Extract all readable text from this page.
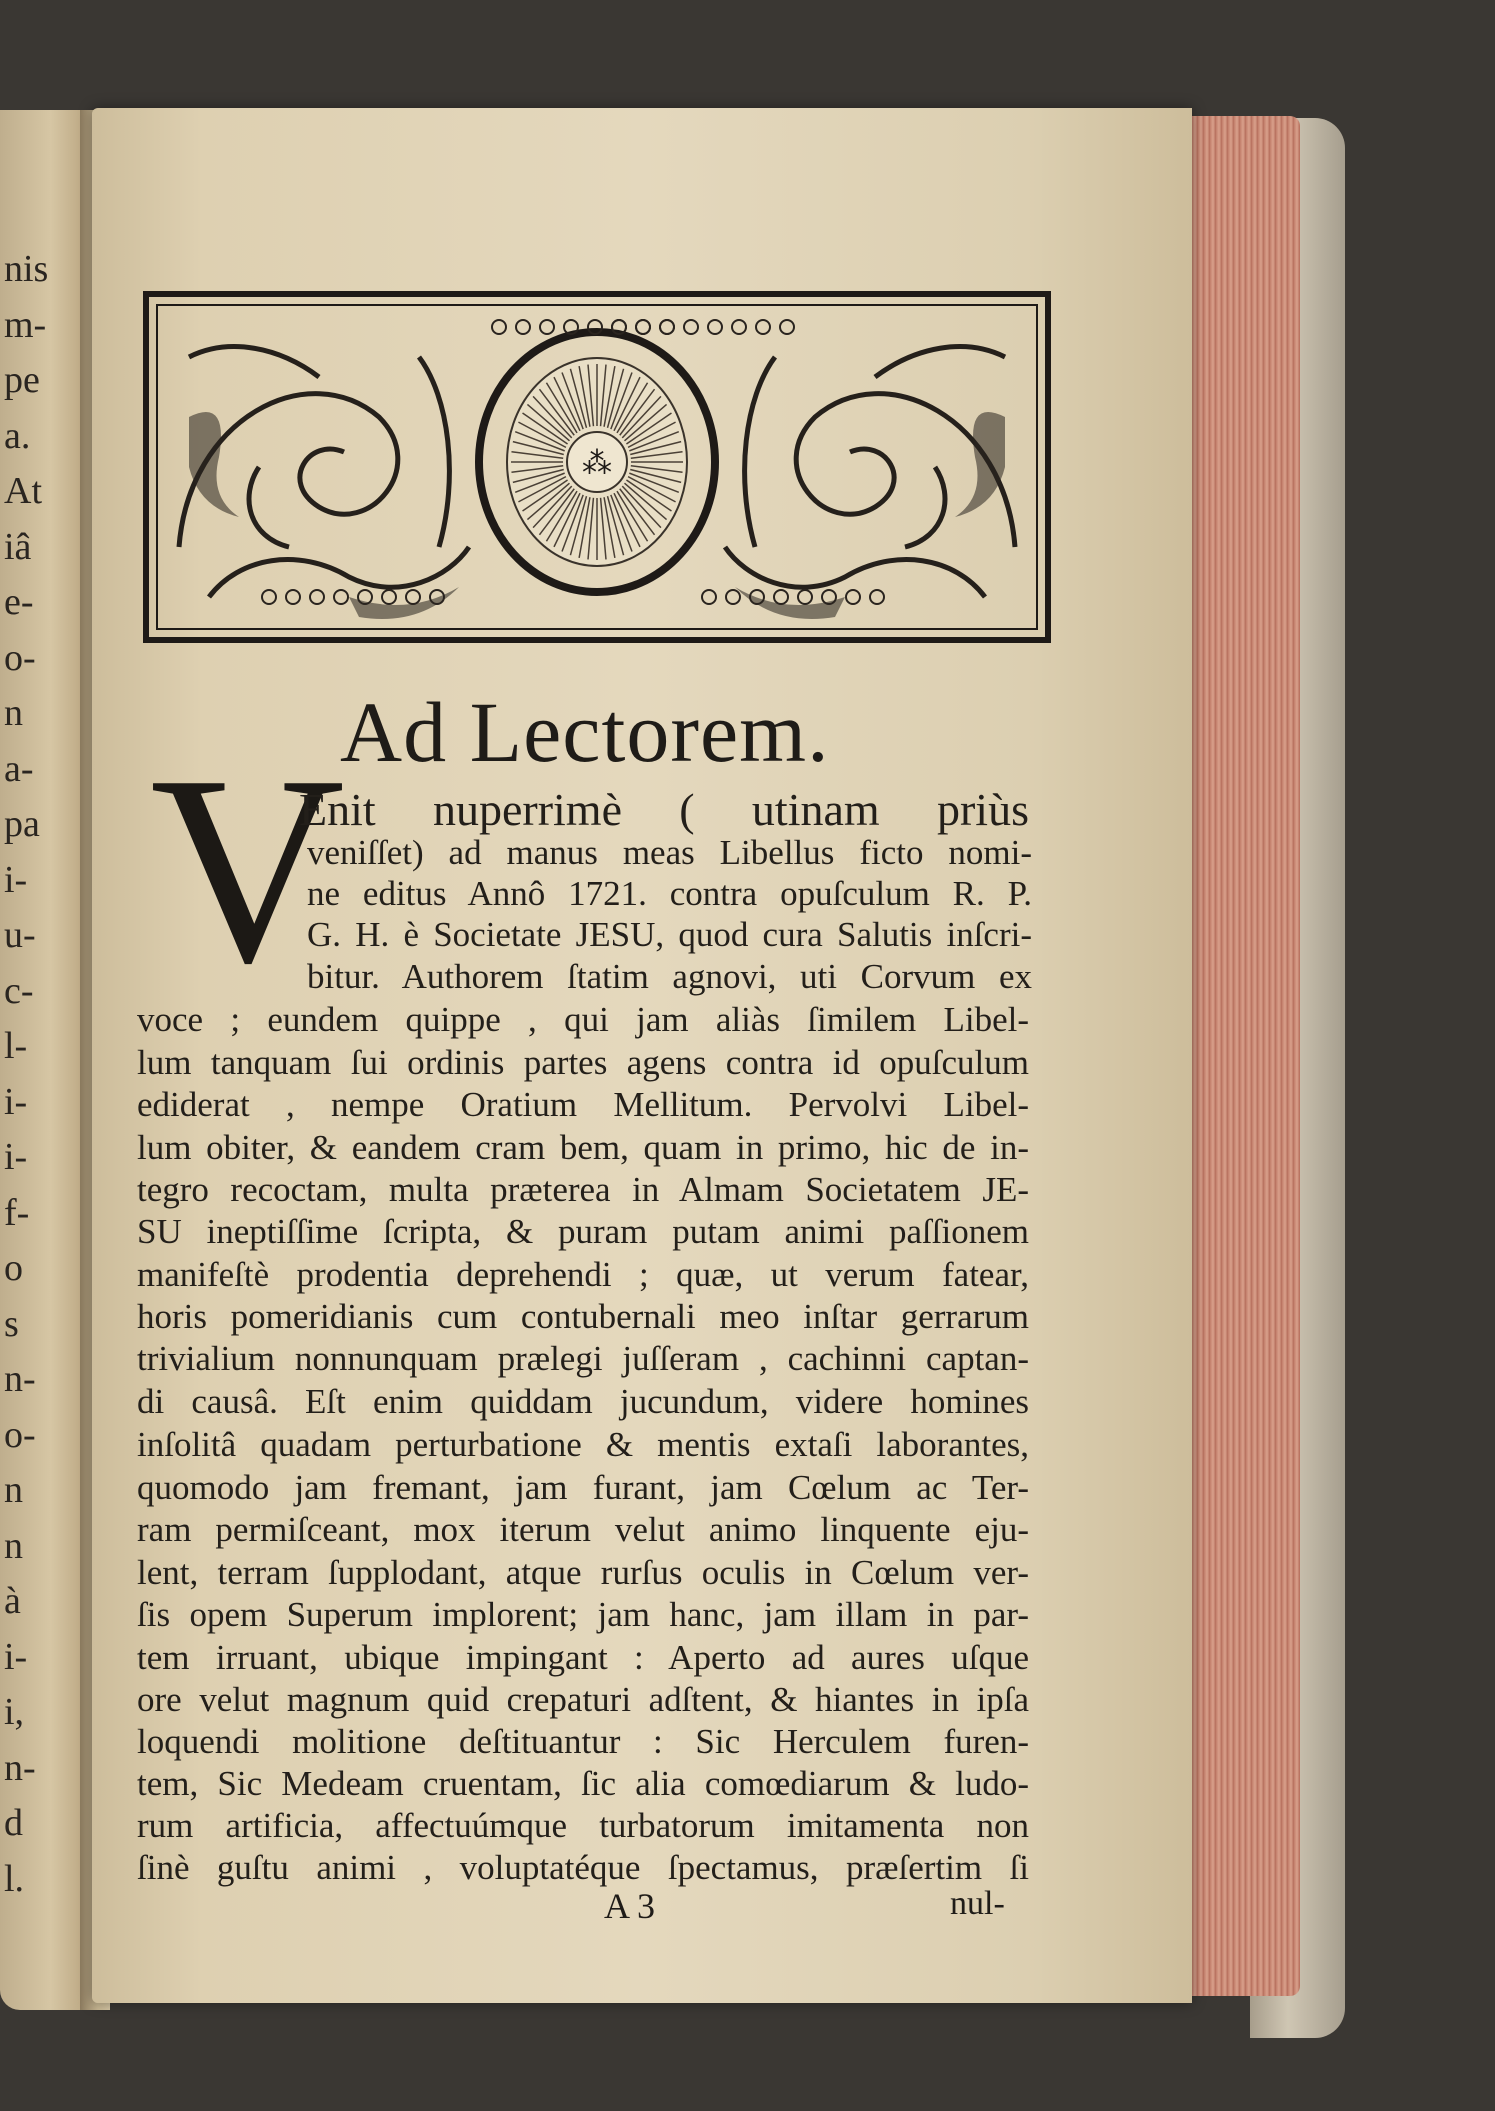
nis
m-
pe
a.
At
iâ
e-
o-
n
a-
pa
i-
u-
c-
l-
i-
i-
f-
o
s
n-
o-
n
n
à
i-
i,
n-
d
l.
⁂
Ad Lectorem.
V
Enit nuperrimè ( utinam priùs
veniſſet) ad manus meas Libellus ficto nomi-
ne editus Annô 1721. contra opuſculum R. P.
G. H. è Societate JESU, quod cura Salutis inſcri-
bitur. Authorem ſtatim agnovi, uti Corvum ex
voce ; eundem quippe , qui jam aliàs ſimilem Libel-
lum tanquam ſui ordinis partes agens contra id opuſculum
ediderat , nempe Oratium Mellitum. Pervolvi Libel-
lum obiter, & eandem cram bem, quam in primo, hic de in-
tegro recoctam, multa præterea in Almam Societatem JE-
SU ineptiſſime ſcripta, & puram putam animi paſſionem
manifeſtè prodentia deprehendi ; quæ, ut verum fatear,
horis pomeridianis cum contubernali meo inſtar gerrarum
trivialium nonnunquam prælegi juſſeram , cachinni captan-
di causâ. Eſt enim quiddam jucundum, videre homines
inſolitâ quadam perturbatione & mentis extaſi laborantes,
quomodo jam fremant, jam furant, jam Cœlum ac Ter-
ram permiſceant, mox iterum velut animo linquente eju-
lent, terram ſupplodant, atque rurſus oculis in Cœlum ver-
ſis opem Superum implorent; jam hanc, jam illam in par-
tem irruant, ubique impingant : Aperto ad aures uſque
ore velut magnum quid crepaturi adſtent, & hiantes in ipſa
loquendi molitione deſtituantur : Sic Herculem furen-
tem, Sic Medeam cruentam, ſic alia comœdiarum & ludo-
rum artificia, affectuúmque turbatorum imitamenta non
ſinè guſtu animi , voluptatéque ſpectamus, præſertim ſi
A 3	nul-
